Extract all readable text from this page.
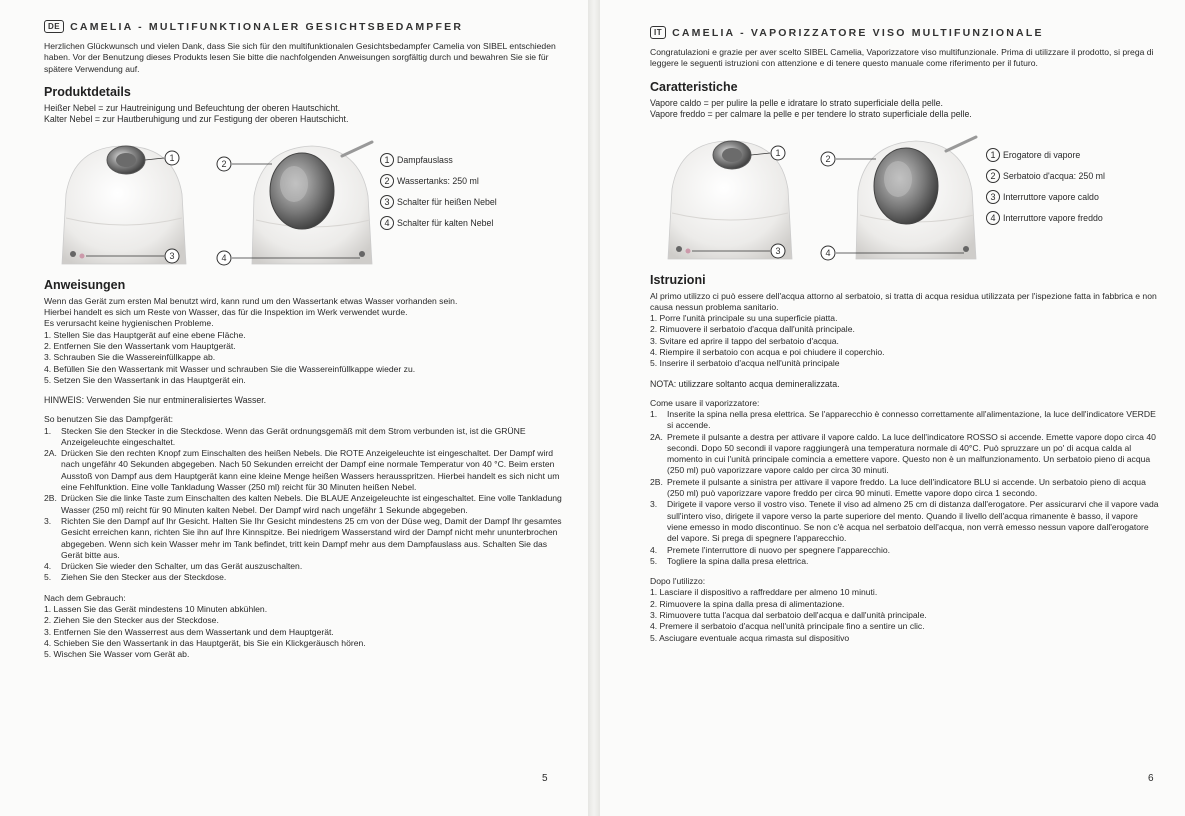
DE CAMELIA - MULTIFUNKTIONALER GESICHTSBEDAMPFER

Herzlichen Glückwunsch und vielen Dank, dass Sie sich für den multifunktionalen Gesichtsbedampfer Camelia von SIBEL entschieden haben. Vor der Benutzung dieses Produkts lesen Sie bitte die nachfolgenden Anweisungen sorgfältig durch und bewahren Sie sie für spätere Verwendung auf.

Produktdetails

Heißer Nebel = zur Hautreinigung und Befeuchtung der oberen Hautschicht.

Kalter Nebel = zur Hautberuhigung und zur Festigung der oberen Hautschicht.

1
3
2
4
1 Dampfauslass
2 Wassertanks: 250 ml
3 Schalter für heißen Nebel
4 Schalter für kalten Nebel
Anweisungen

Wenn das Gerät zum ersten Mal benutzt wird, kann rund um den Wassertank etwas Wasser vorhanden sein.

Hierbei handelt es sich um Reste von Wasser, das für die Inspektion im Werk verwendet wurde.

Es verursacht keine hygienischen Probleme.

1. Stellen Sie das Hauptgerät auf eine ebene Fläche.
2. Entfernen Sie den Wassertank vom Hauptgerät.
3. Schrauben Sie die Wassereinfüllkappe ab.
4. Befüllen Sie den Wassertank mit Wasser und schrauben Sie die Wassereinfüllkappe wieder zu.
5. Setzen Sie den Wassertank in das Hauptgerät ein.

HINWEIS: Verwenden Sie nur entmineralisiertes Wasser.

So benutzen Sie das Dampfgerät:

1.	Stecken Sie den Stecker in die Steckdose. Wenn das Gerät ordnungsgemäß mit dem Strom verbunden ist, ist die GRÜNE Anzeigeleuchte eingeschaltet.
2A. Drücken Sie den rechten Knopf zum Einschalten des heißen Nebels. Die ROTE Anzeigeleuchte ist eingeschaltet. Der Dampf wird nach ungefähr 40 Sekunden abgegeben. Nach 50 Sekunden erreicht der Dampf eine normale Temperatur von 40 °C. Beim ersten Ausstoß von Dampf aus dem Hauptgerät kann eine kleine Menge heißen Wassers herausspritzen. Hierbei handelt es sich nicht um eine Fehlfunktion. Eine volle Tankladung Wasser (250 ml) reicht für 30 Minuten heißen Nebel.
2B. Drücken Sie die linke Taste zum Einschalten des kalten Nebels. Die BLAUE Anzeigeleuchte ist eingeschaltet. Eine volle Tankladung Wasser (250 ml) reicht für 90 Minuten kalten Nebel. Der Dampf wird nach ungefähr 1 Sekunde abgegeben.
3.	Richten Sie den Dampf auf Ihr Gesicht. Halten Sie Ihr Gesicht mindestens 25 cm von der Düse weg, Damit der Dampf Ihr gesamtes Gesicht erreichen kann, richten Sie ihn auf Ihre Kinnspitze. Bei niedrigem Wasserstand wird der Dampf nicht mehr ununterbrochen abgegeben. Wenn sich kein Wasser mehr im Tank befindet, tritt kein Dampf mehr aus dem Dampfauslass aus. Schalten Sie das Gerät bitte aus.
4.	Drücken Sie wieder den Schalter, um das Gerät auszuschalten.
5.	Ziehen Sie den Stecker aus der Steckdose.

Nach dem Gebrauch:

1. Lassen Sie das Gerät mindestens 10 Minuten abkühlen.
2. Ziehen Sie den Stecker aus der Steckdose.
3. Entfernen Sie den Wasserrest aus dem Wassertank und dem Hauptgerät.
4. Schieben Sie den Wassertank in das Hauptgerät, bis Sie ein Klickgeräusch hören.
5. Wischen Sie Wasser vom Gerät ab.
5
IT CAMELIA - VAPORIZZATORE VISO MULTIFUNZIONALE

Congratulazioni e grazie per aver scelto SIBEL Camelia, Vaporizzatore viso multifunzionale. Prima di utilizzare il prodotto, si prega di leggere le seguenti istruzioni con attenzione e di tenere questo manuale come riferimento per il futuro.

Caratteristiche

Vapore caldo = per pulire la pelle e idratare lo strato superficiale della pelle.

Vapore freddo = per calmare la pelle e per tendere lo strato superficiale della pelle.

1
3
2
4
1 Erogatore di vapore
2 Serbatoio d'acqua: 250 ml
3 Interruttore vapore caldo
4 Interruttore vapore freddo
Istruzioni

Al primo utilizzo ci può essere dell'acqua attorno al serbatoio, si tratta di acqua residua utilizzata per l'ispezione fatta in fabbrica e non causa nessun problema sanitario.

1. Porre l'unità principale su una superficie piatta.
2. Rimuovere il serbatoio d'acqua dall'unità principale.
3. Svitare ed aprire il tappo del serbatoio d'acqua.
4. Riempire il serbatoio con acqua e poi chiudere il coperchio.
5. Inserire il serbatoio d'acqua nell'unità principale

NOTA: utilizzare soltanto acqua demineralizzata.

Come usare il vaporizzatore:

1.	Inserite la spina nella presa elettrica. Se l'apparecchio è connesso correttamente all'alimentazione, la luce dell'indicatore VERDE si accende.
2A. Premete il pulsante a destra per attivare il vapore caldo. La luce dell'indicatore ROSSO si accende. Emette vapore dopo circa 40 secondi. Dopo 50 secondi il vapore raggiungerà una temperatura normale di 40°C. Può spruzzare un po' di acqua calda al momento in cui l'unità principale comincia a emettere vapore. Questo non è un malfunzionamento. Un serbatoio pieno di acqua (250 ml) può vaporizzare vapore caldo per circa 30 minuti.
2B. Premete il pulsante a sinistra per attivare il vapore freddo. La luce dell'indicatore BLU si accende. Un serbatoio pieno di acqua (250 ml) può vaporizzare vapore freddo per circa 90 minuti. Emette vapore dopo circa 1 secondo.
3.	Dirigete il vapore verso il vostro viso. Tenete il viso ad almeno 25 cm di distanza dall'erogatore. Per assicurarvi che il vapore vada sull'intero viso, dirigete il vapore verso la parte superiore del mento. Quando il livello dell'acqua rimanente è basso, il vapore viene emesso in modo discontinuo. Se non c'è acqua nel serbatoio dell'acqua, non verrà emesso nessun vapore dall'erogatore del vapore. Si prega di spegnere l'apparecchio.
4.	Premete l'interruttore di nuovo per spegnere l'apparecchio.
5.	Togliere la spina dalla presa elettrica.

Dopo l'utilizzo:

1. Lasciare il dispositivo a raffreddare per almeno 10 minuti.
2. Rimuovere la spina dalla presa di alimentazione.
3. Rimuovere tutta l'acqua dal serbatoio dell'acqua e dall'unità principale.
4. Premere il serbatoio d'acqua nell'unità principale fino a sentire un clic.
5. Asciugare eventuale acqua rimasta sul dispositivo
6
